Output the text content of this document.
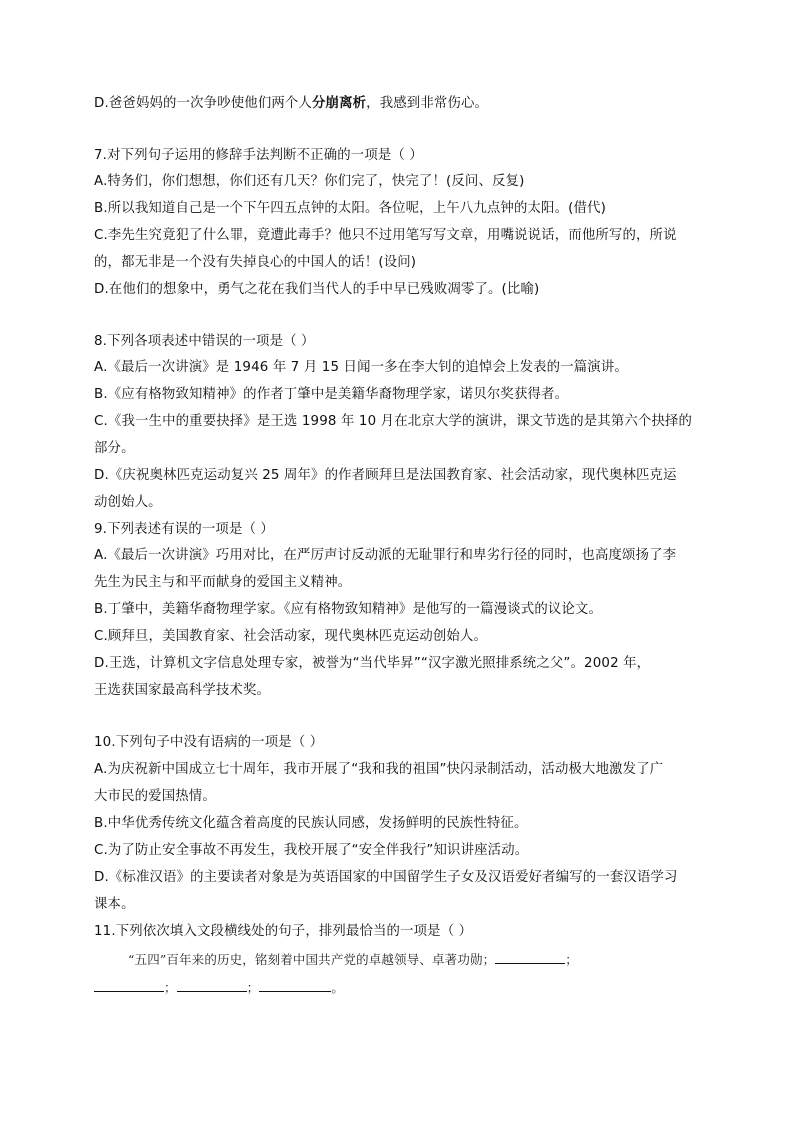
D.爸爸妈妈的一次争吵使他们两个人分崩离析，我感到非常伤心。
7.对下列句子运用的修辞手法判断不正确的一项是（ ）
A.特务们，你们想想，你们还有几天？你们完了，快完了！(反问、反复)
B.所以我知道自己是一个下午四五点钟的太阳。各位呢，上午八九点钟的太阳。(借代)
C.李先生究竟犯了什么罪，竟遭此毒手？他只不过用笔写写文章，用嘴说说话，而他所写的，所说
的，都无非是一个没有失掉良心的中国人的话！(设问)
D.在他们的想象中，勇气之花在我们当代人的手中早已残败凋零了。(比喻)
8.下列各项表述中错误的一项是（ ）
A.《最后一次讲演》是 1946 年 7 月 15 日闻一多在李大钊的追悼会上发表的一篇演讲。
B.《应有格物致知精神》的作者丁肇中是美籍华裔物理学家，诺贝尔奖获得者。
C.《我一生中的重要抉择》是王选 1998 年 10 月在北京大学的演讲，课文节选的是其第六个抉择的
部分。
D.《庆祝奥林匹克运动复兴 25 周年》的作者顾拜旦是法国教育家、社会活动家，现代奥林匹克运
动创始人。
9.下列表述有误的一项是（ ）
A.《最后一次讲演》巧用对比，在严厉声讨反动派的无耻罪行和卑劣行径的同时，也高度颂扬了李
先生为民主与和平而献身的爱国主义精神。
B.丁肇中，美籍华裔物理学家。《应有格物致知精神》是他写的一篇漫谈式的议论文。
C.顾拜旦，美国教育家、社会活动家，现代奥林匹克运动创始人。
D.王选，计算机文字信息处理专家，被誉为“当代毕昇”“汉字激光照排系统之父”。2002 年，
王选获国家最高科学技术奖。
10.下列句子中没有语病的一项是（ ）
A.为庆祝新中国成立七十周年，我市开展了“我和我的祖国”快闪录制活动，活动极大地激发了广
大市民的爱国热情。
B.中华优秀传统文化蕴含着高度的民族认同感，发扬鲜明的民族性特征。
C.为了防止安全事故不再发生，我校开展了“安全伴我行”知识讲座活动。
D.《标准汉语》的主要读者对象是为英语国家的中国留学生子女及汉语爱好者编写的一套汉语学习
课本。
11.下列依次填入文段横线处的句子，排列最恰当的一项是（ ）
“五四”百年来的历史，铭刻着中国共产党的卓越领导、卓著功勋；	；
；	；	。
